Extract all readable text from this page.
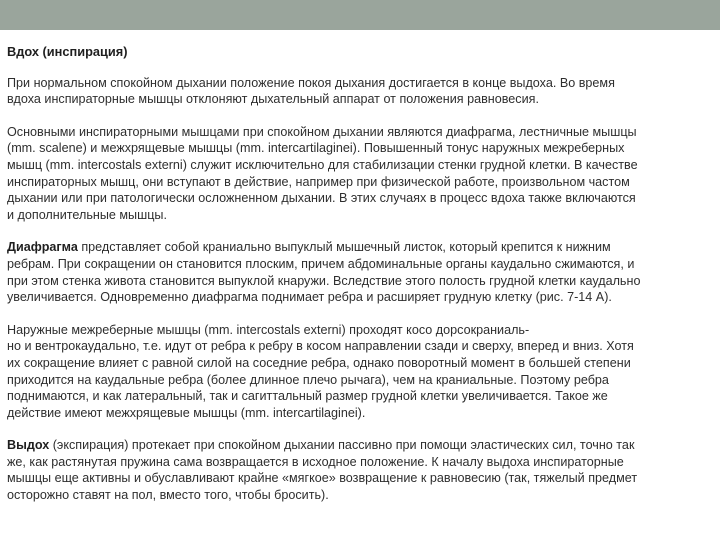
Вдох (инспирация)
При нормальном спокойном дыхании положение покоя дыхания достигается в конце выдоха. Во время
вдоха инспираторные мышцы отклоняют дыхательный аппарат от положения равновесия.
Основными инспираторными мышцами при спокойном дыхании являются диафрагма, лестничные мышцы
(mm. scalene) и межхрящевые мышцы (mm. intercartilaginei). Повышенный тонус наружных межреберных
мышц (mm. intercostals externi) служит исключительно для стабилизации стенки грудной клетки. В качестве
инспираторных мышц, они вступают в действие, например при физической работе, произвольном частом
дыхании или при патологически осложненном дыхании. В этих случаях в процесс вдоха также включаются
и дополнительные мышцы.
Диафрагма представляет собой краниально выпуклый мышечный листок, который крепится к нижним
ребрам. При сокращении он становится плоским, причем абдоминальные органы каудально сжимаются, и
при этом стенка живота становится выпуклой кнаружи. Вследствие этого полость грудной клетки каудально
увеличивается. Одновременно диафрагма поднимает ребра и расширяет грудную клетку (рис. 7-14 А).
Наружные межреберные мышцы (mm. intercostals externi) проходят косо дорсокраниаль-
но и вентрокаудально, т.е. идут от ребра к ребру в косом направлении сзади и сверху, вперед и вниз. Хотя
их сокращение влияет с равной силой на соседние ребра, однако поворотный момент в большей степени
приходится на каудальные ребра (более длинное плечо рычага), чем на краниальные. Поэтому ребра
поднимаются, и как латеральный, так и сагиттальный размер грудной клетки увеличивается. Такое же
действие имеют межхрящевые мышцы (mm. intercartilaginei).
Выдох (экспирация) протекает при спокойном дыхании пассивно при помощи эластических сил, точно так
же, как растянутая пружина сама возвращается в исходное положение. К началу выдоха инспираторные
мышцы еще активны и обуславливают крайне «мягкое» возвращение к равновесию (так, тяжелый предмет
осторожно ставят на пол, вместо того, чтобы бросить).
